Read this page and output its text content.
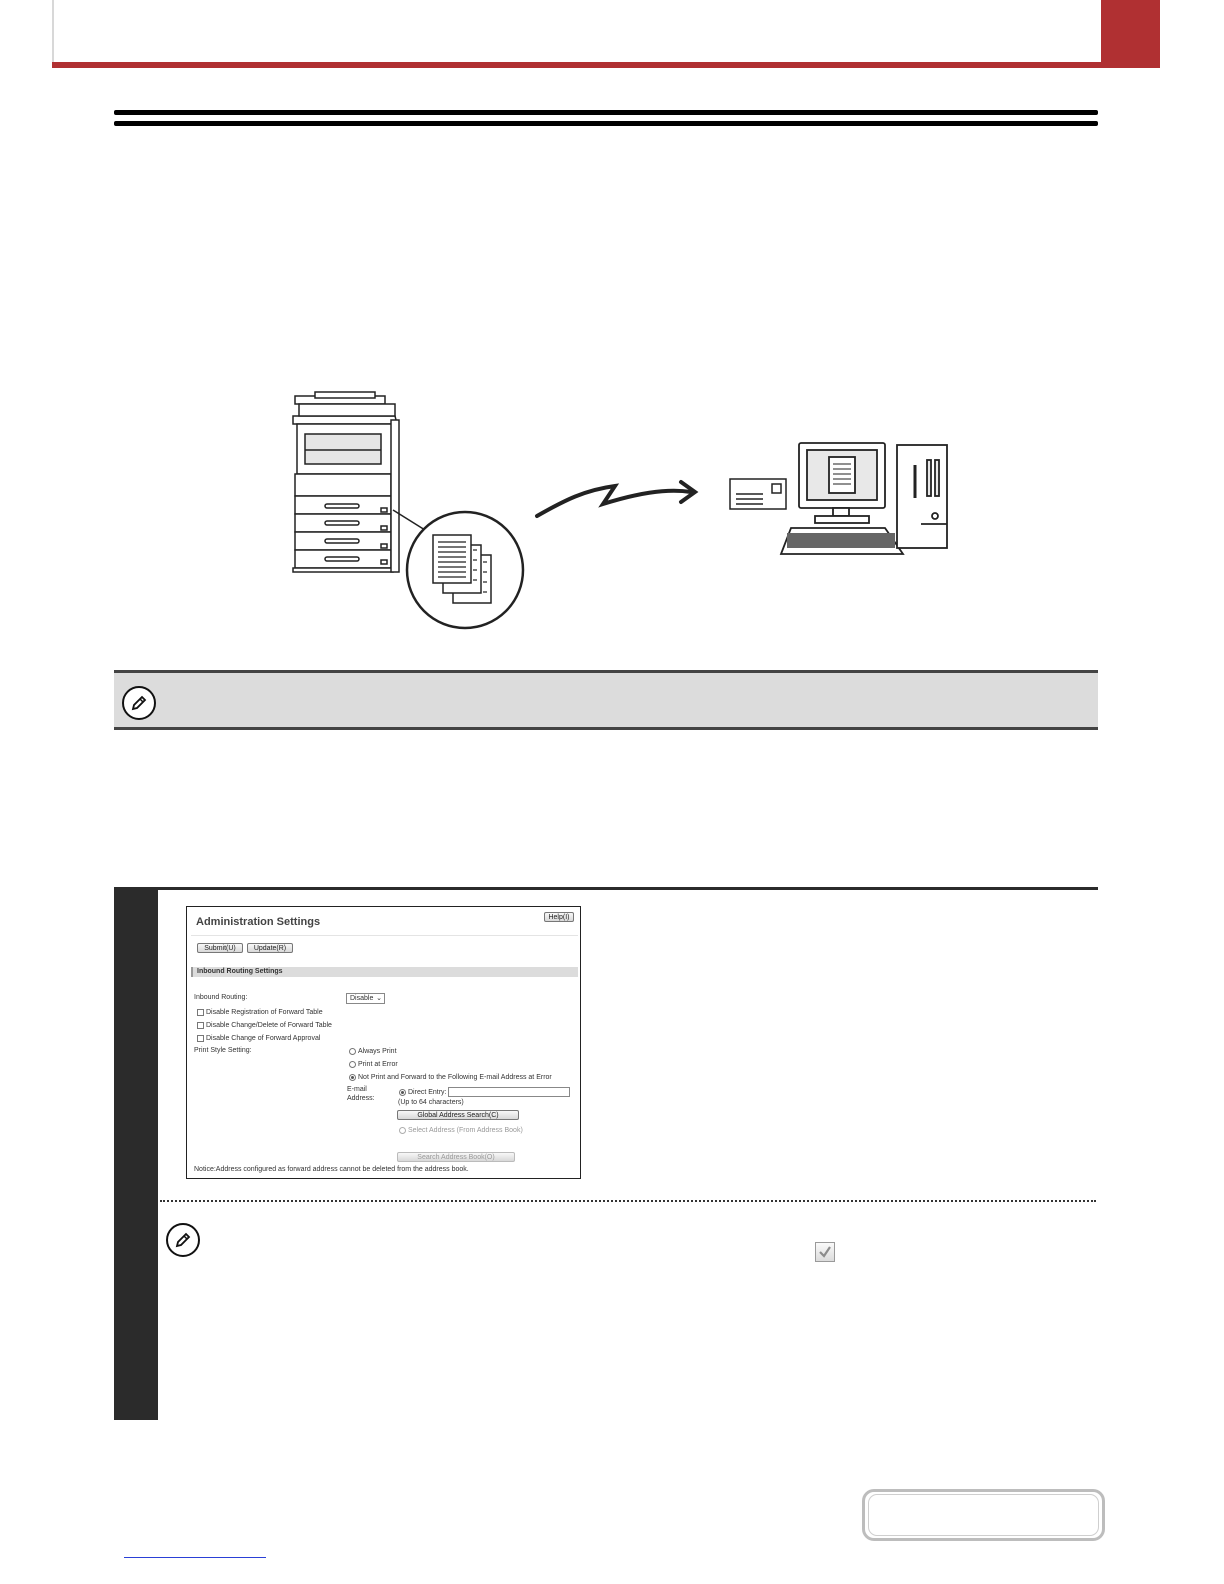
Administration Settings	Help(I)
Submit(U)	Update(R)
Inbound Routing Settings
Inbound Routing:	Disable ⌄
Disable Registration of Forward Table
Disable Change/Delete of Forward Table
Disable Change of Forward Approval
Print Style Setting:	Always Print
Print at Error
Not Print and Forward to the Following E-mail Address at Error
E-mail
Address:
Direct Entry:
(Up to 64 characters)
Global Address Search(C)
Select Address (From Address Book)
Search Address Book(O)
Notice:Address configured as forward address cannot be deleted from the address book.
